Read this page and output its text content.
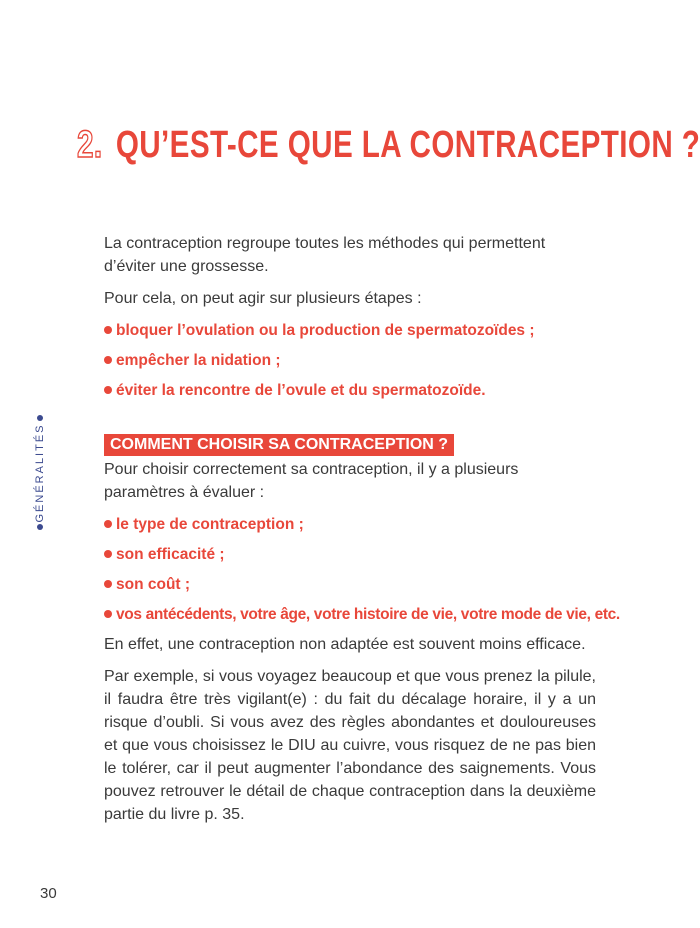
2. QU’EST-CE QUE LA CONTRACEPTION ?

La contraception regroupe toutes les méthodes qui permettent d’éviter une grossesse.

Pour cela, on peut agir sur plusieurs étapes :

bloquer l’ovulation ou la production de spermatozoïdes ;
empêcher la nidation ;
éviter la rencontre de l’ovule et du spermatozoïde.
COMMENT CHOISIR SA CONTRACEPTION ?

Pour choisir correctement sa contraception, il y a plusieurs paramètres à évaluer :

le type de contraception ;
son efficacité ;
son coût ;
vos antécédents, votre âge, votre histoire de vie, votre mode de vie, etc.

En effet, une contraception non adaptée est souvent moins efficace.

Par exemple, si vous voyagez beaucoup et que vous prenez la pilule, il faudra être très vigilant(e) : du fait du décalage horaire, il y a un risque d’oubli. Si vous avez des règles abondantes et douloureuses et que vous choisissez le DIU au cuivre, vous risquez de ne pas bien le tolérer, car il peut augmenter l’abondance des saignements. Vous pouvez retrouver le détail de chaque contraception dans la deuxième partie du livre p. 35.

GÉNÉRALITÉS
30
